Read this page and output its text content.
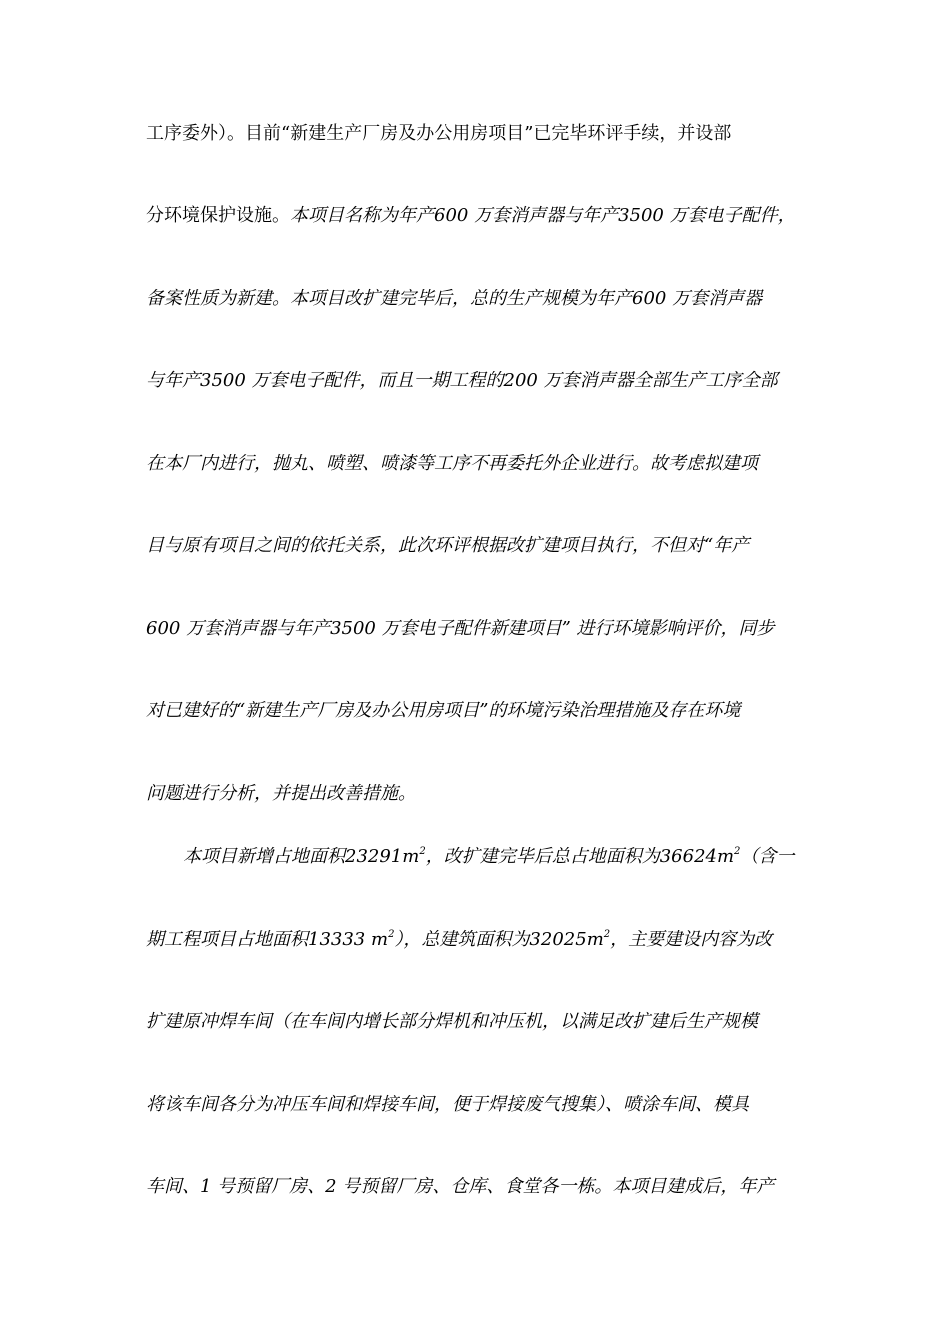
工序委外）。目前“新建生产厂房及办公用房项目”已完毕环评手续，并设部
分环境保护设施。本项目名称为年产600 万套消声器与年产3500 万套电子配件，
备案性质为新建。本项目改扩建完毕后，总的生产规模为年产600 万套消声器
与年产3500 万套电子配件，而且一期工程的200 万套消声器全部生产工序全部
在本厂内进行，抛丸、喷塑、喷漆等工序不再委托外企业进行。故考虑拟建项
目与原有项目之间的依托关系，此次环评根据改扩建项目执行，不但对“年产
600 万套消声器与年产3500 万套电子配件新建项目” 进行环境影响评价，同步
对已建好的“新建生产厂房及办公用房项目”的环境污染治理措施及存在环境
问题进行分析，并提出改善措施。
本项目新增占地面积$23291m^2$，改扩建完毕后总占地面积为$36624m^2$（含一
期工程项目占地面积13333 $m^2$），总建筑面积为$32025m^2$，主要建设内容为改
扩建原冲焊车间（在车间内增长部分焊机和冲压机，以满足改扩建后生产规模
将该车间各分为冲压车间和焊接车间，便于焊接废气搜集）、喷涂车间、模具
车间、1 号预留厂房、2 号预留厂房、仓库、食堂各一栋。本项目建成后，年产
